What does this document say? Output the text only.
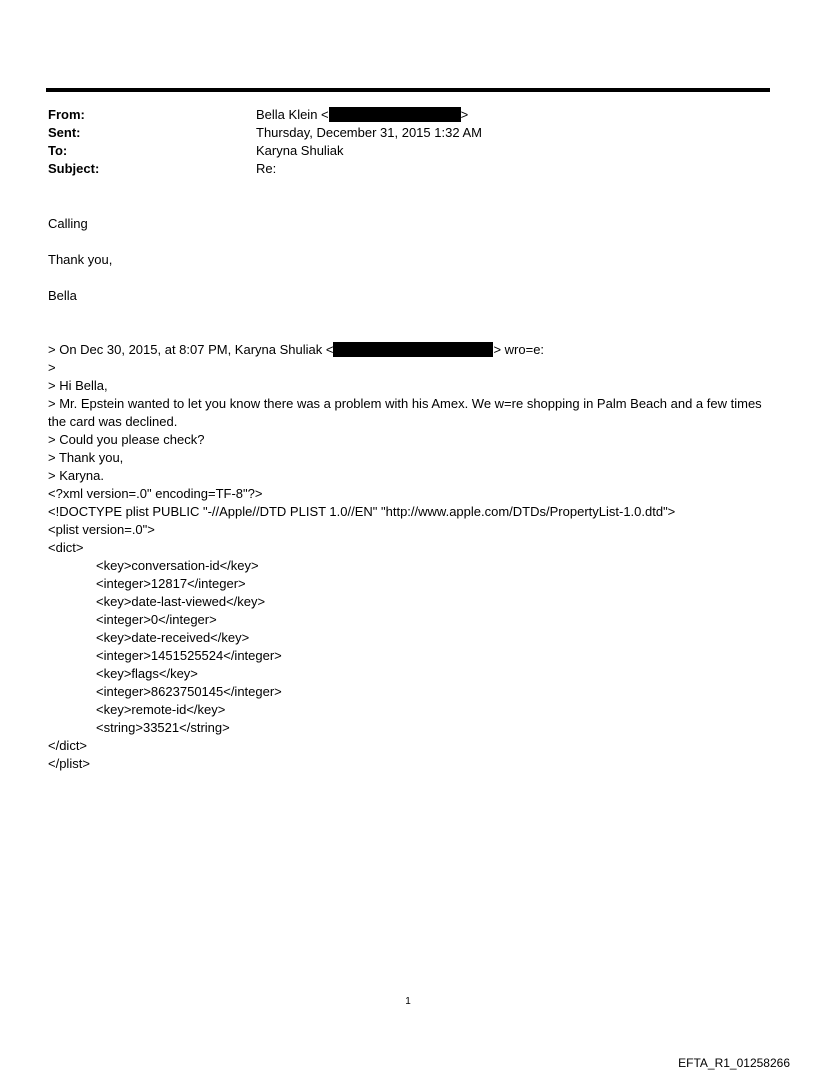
From:	Bella Klein <	>
Sent:	Thursday, December 31, 2015 1:32 AM
To:	Karyna Shuliak
Subject:	Re:
Calling
Thank you,
Bella
> On Dec 30, 2015, at 8:07 PM, Karyna Shuliak <	> wro=e:
>
> Hi Bella,
> Mr. Epstein wanted to let you know there was a problem with his Amex. We w=re shopping in Palm Beach and a few times the card was declined.
> Could you please check?
> Thank you,
> Karyna.
<?xml version=.0" encoding=TF-8"?>
<!DOCTYPE plist PUBLIC "-//Apple//DTD PLIST 1.0//EN" "http://www.apple.com/DTDs/PropertyList-1.0.dtd">
<plist version=.0">
<dict>
<key>conversation-id</key>
<integer>12817</integer>
<key>date-last-viewed</key>
<integer>0</integer>
<key>date-received</key>
<integer>1451525524</integer>
<key>flags</key>
<integer>8623750145</integer>
<key>remote-id</key>
<string>33521</string>
</dict>
</plist>
1
EFTA_R1_01258266
